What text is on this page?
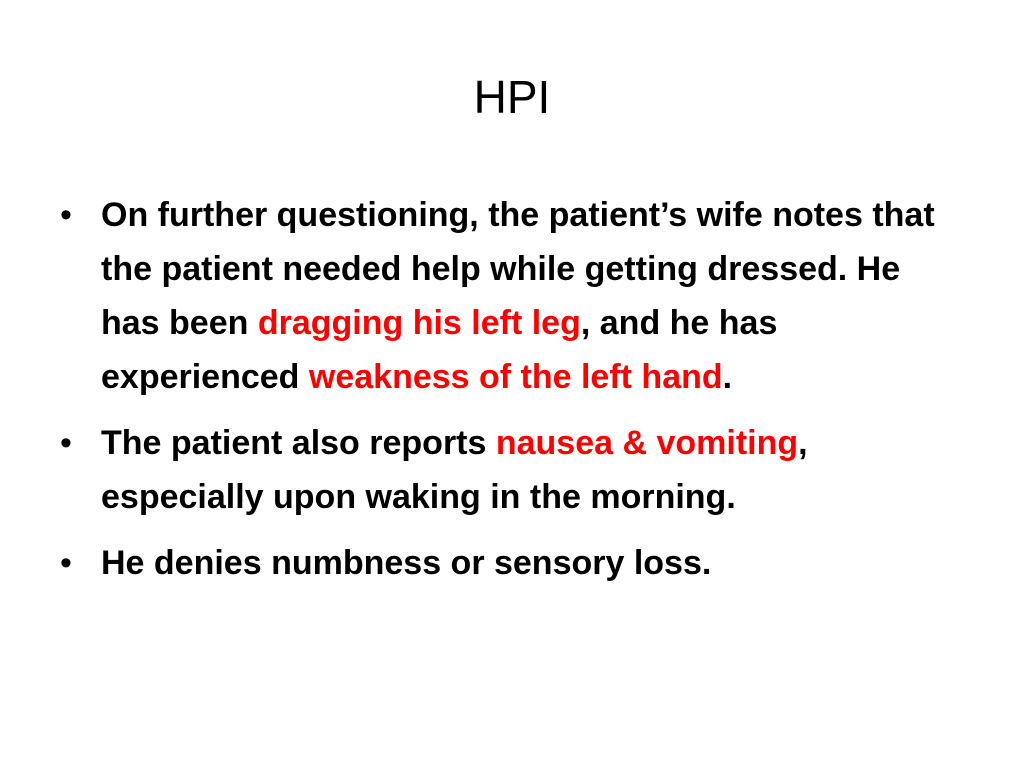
HPI
• On further questioning, the patient’s wife notes that the patient needed help while getting dressed. He has been dragging his left leg, and he has experienced weakness of the left hand.
• The patient also reports nausea & vomiting, especially upon waking in the morning.
• He denies numbness or sensory loss.
